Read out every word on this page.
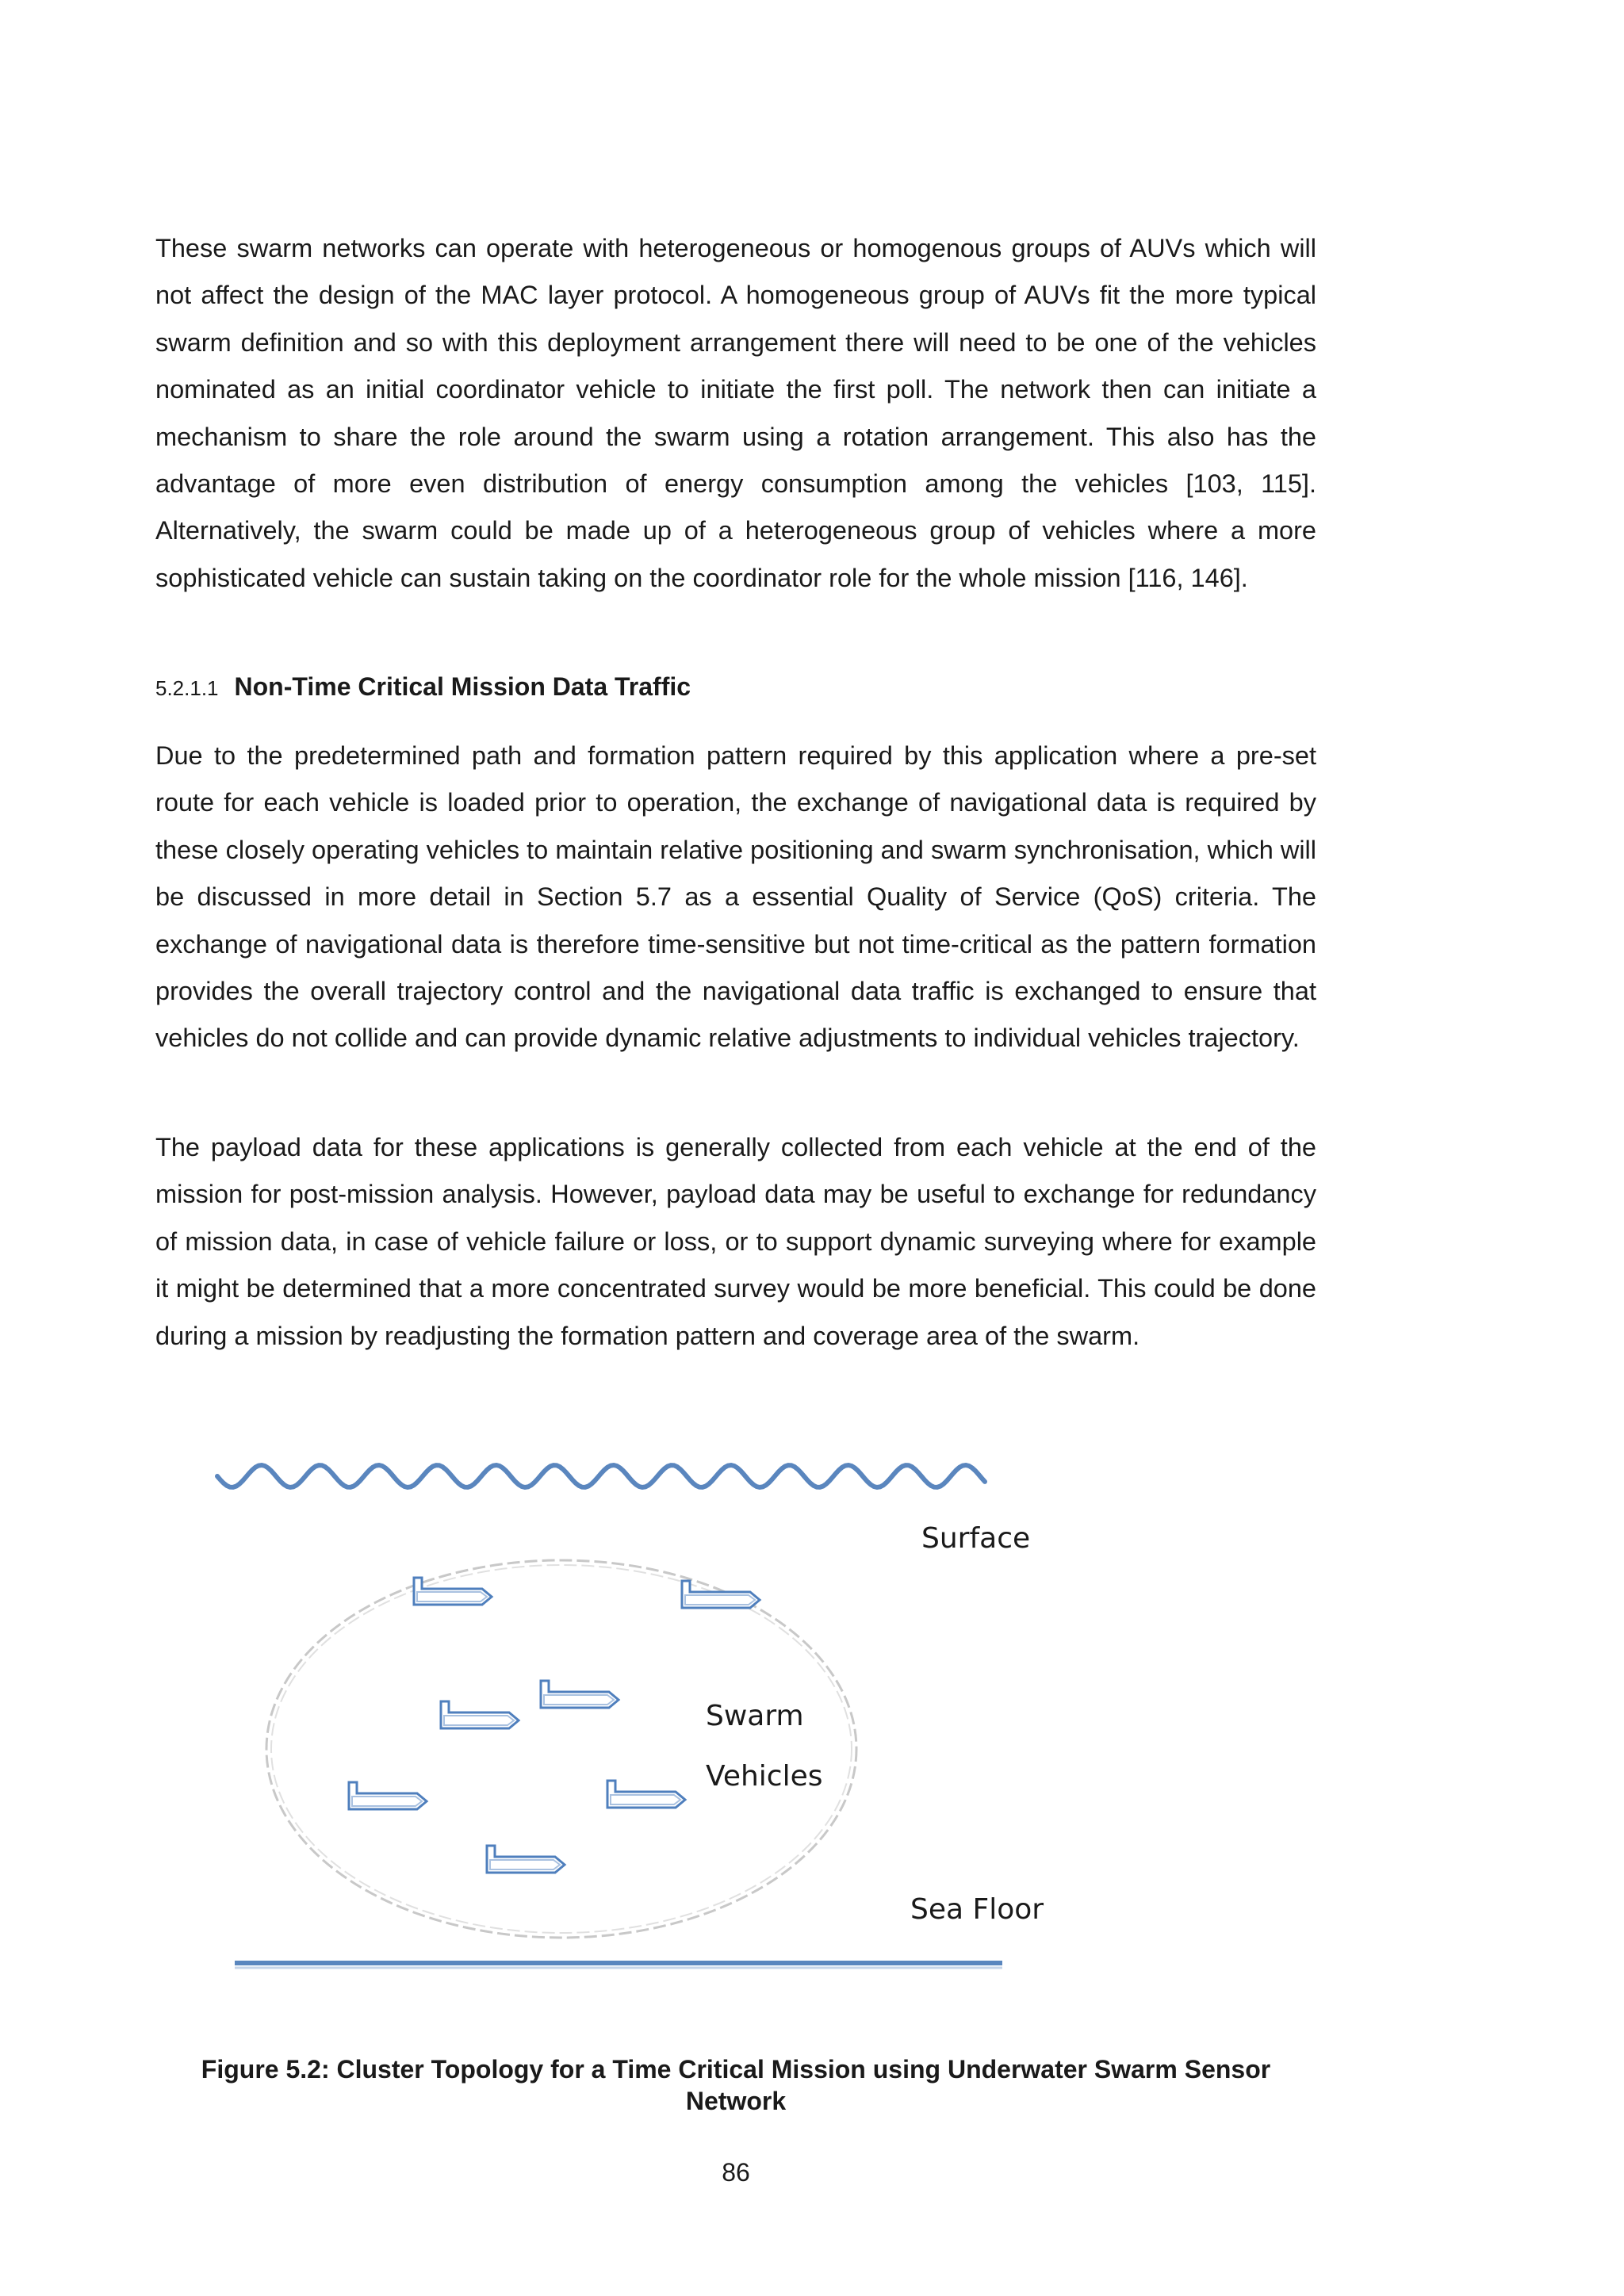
These swarm networks can operate with heterogeneous or homogenous groups of AUVs which will not affect the design of the MAC layer protocol. A homogeneous group of AUVs fit the more typical swarm definition and so with this deployment arrangement there will need to be one of the vehicles nominated as an initial coordinator vehicle to initiate the first poll. The network then can initiate a mechanism to share the role around the swarm using a rotation arrangement. This also has the advantage of more even distribution of energy consumption among the vehicles [103, 115]. Alternatively, the swarm could be made up of a heterogeneous group of vehicles where a more sophisticated vehicle can sustain taking on the coordinator role for the whole mission [116, 146].

5.2.1.1 Non-Time Critical Mission Data Traffic

Due to the predetermined path and formation pattern required by this application where a pre-set route for each vehicle is loaded prior to operation, the exchange of navigational data is required by these closely operating vehicles to maintain relative positioning and swarm synchronisation, which will be discussed in more detail in Section 5.7 as a essential Quality of Service (QoS) criteria. The exchange of navigational data is therefore time-sensitive but not time-critical as the pattern formation provides the overall trajectory control and the navigational data traffic is exchanged to ensure that vehicles do not collide and can provide dynamic relative adjustments to individual vehicles trajectory.

The payload data for these applications is generally collected from each vehicle at the end of the mission for post-mission analysis. However, payload data may be useful to exchange for redundancy of mission data, in case of vehicle failure or loss, or to support dynamic surveying where for example it might be determined that a more concentrated survey would be more beneficial. This could be done during a mission by readjusting the formation pattern and coverage area of the swarm.

Surface
Swarm
Vehicles
Sea Floor

Figure 5.2: Cluster Topology for a Time Critical Mission using Underwater Swarm Sensor Network

86
